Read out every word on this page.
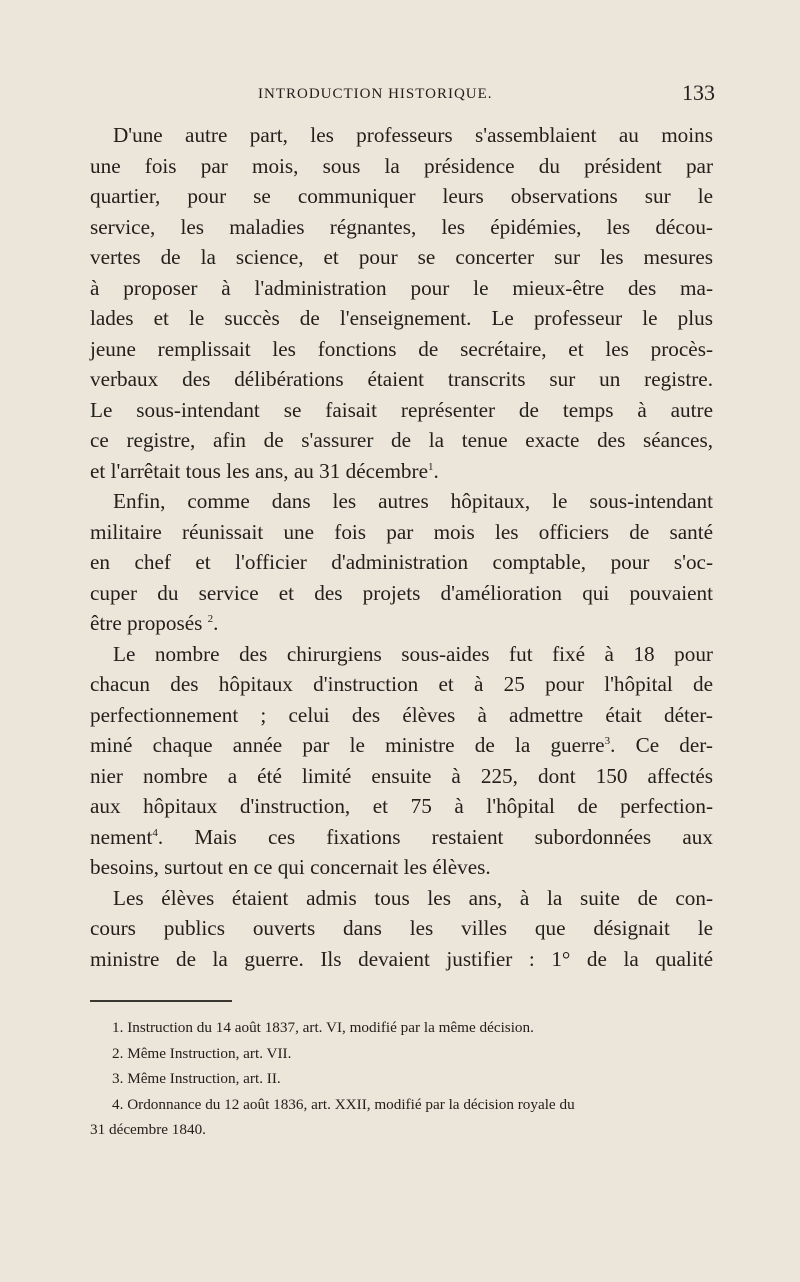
INTRODUCTION HISTORIQUE.	133
D'une autre part, les professeurs s'assemblaient au moins
une fois par mois, sous la présidence du président par
quartier, pour se communiquer leurs observations sur le
service, les maladies régnantes, les épidémies, les décou-
vertes de la science, et pour se concerter sur les mesures
à proposer à l'administration pour le mieux-être des ma-
lades et le succès de l'enseignement. Le professeur le plus
jeune remplissait les fonctions de secrétaire, et les procès-
verbaux des délibérations étaient transcrits sur un registre.
Le sous-intendant se faisait représenter de temps à autre
ce registre, afin de s'assurer de la tenue exacte des séances,
et l'arrêtait tous les ans, au 31 décembre$^1$.
Enfin, comme dans les autres hôpitaux, le sous-intendant
militaire réunissait une fois par mois les officiers de santé
en chef et l'officier d'administration comptable, pour s'oc-
cuper du service et des projets d'amélioration qui pouvaient
être proposés $^2$.
Le nombre des chirurgiens sous-aides fut fixé à 18 pour
chacun des hôpitaux d'instruction et à 25 pour l'hôpital de
perfectionnement ; celui des élèves à admettre était déter-
miné chaque année par le ministre de la guerre$^3$. Ce der-
nier nombre a été limité ensuite à 225, dont 150 affectés
aux hôpitaux d'instruction, et 75 à l'hôpital de perfection-
nement$^4$. Mais ces fixations restaient subordonnées aux
besoins, surtout en ce qui concernait les élèves.
Les élèves étaient admis tous les ans, à la suite de con-
cours publics ouverts dans les villes que désignait le
ministre de la guerre. Ils devaient justifier : 1° de la qualité
1. Instruction du 14 août 1837, art. VI, modifié par la même décision.
2. Même Instruction, art. VII.
3. Même Instruction, art. II.
4. Ordonnance du 12 août 1836, art. XXII, modifié par la décision royale du
31 décembre 1840.
